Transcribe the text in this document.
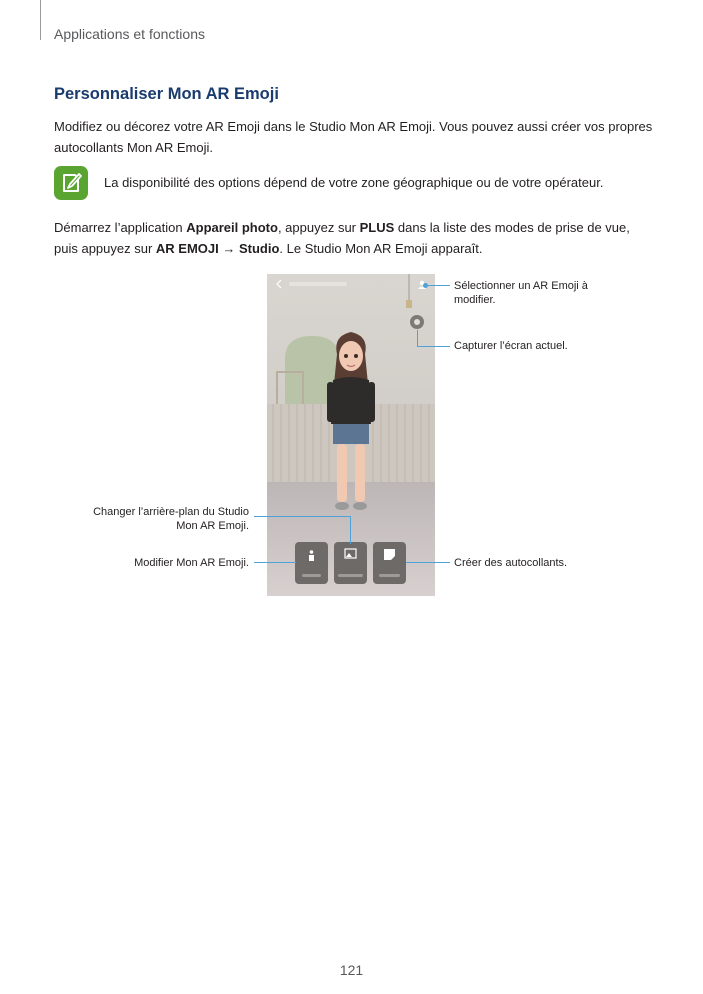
Applications et fonctions
Personnaliser Mon AR Emoji
Modifiez ou décorez votre AR Emoji dans le Studio Mon AR Emoji. Vous pouvez aussi créer vos propres autocollants Mon AR Emoji.
La disponibilité des options dépend de votre zone géographique ou de votre opérateur.
Démarrez l’application Appareil photo, appuyez sur PLUS dans la liste des modes de prise de vue,
puis appuyez sur AR EMOJI → Studio. Le Studio Mon AR Emoji apparaît.
Sélectionner un AR Emoji à
modifier.
Capturer l’écran actuel.
Changer l’arrière-plan du Studio
Mon AR Emoji.
Modifier Mon AR Emoji.	Créer des autocollants.
121
